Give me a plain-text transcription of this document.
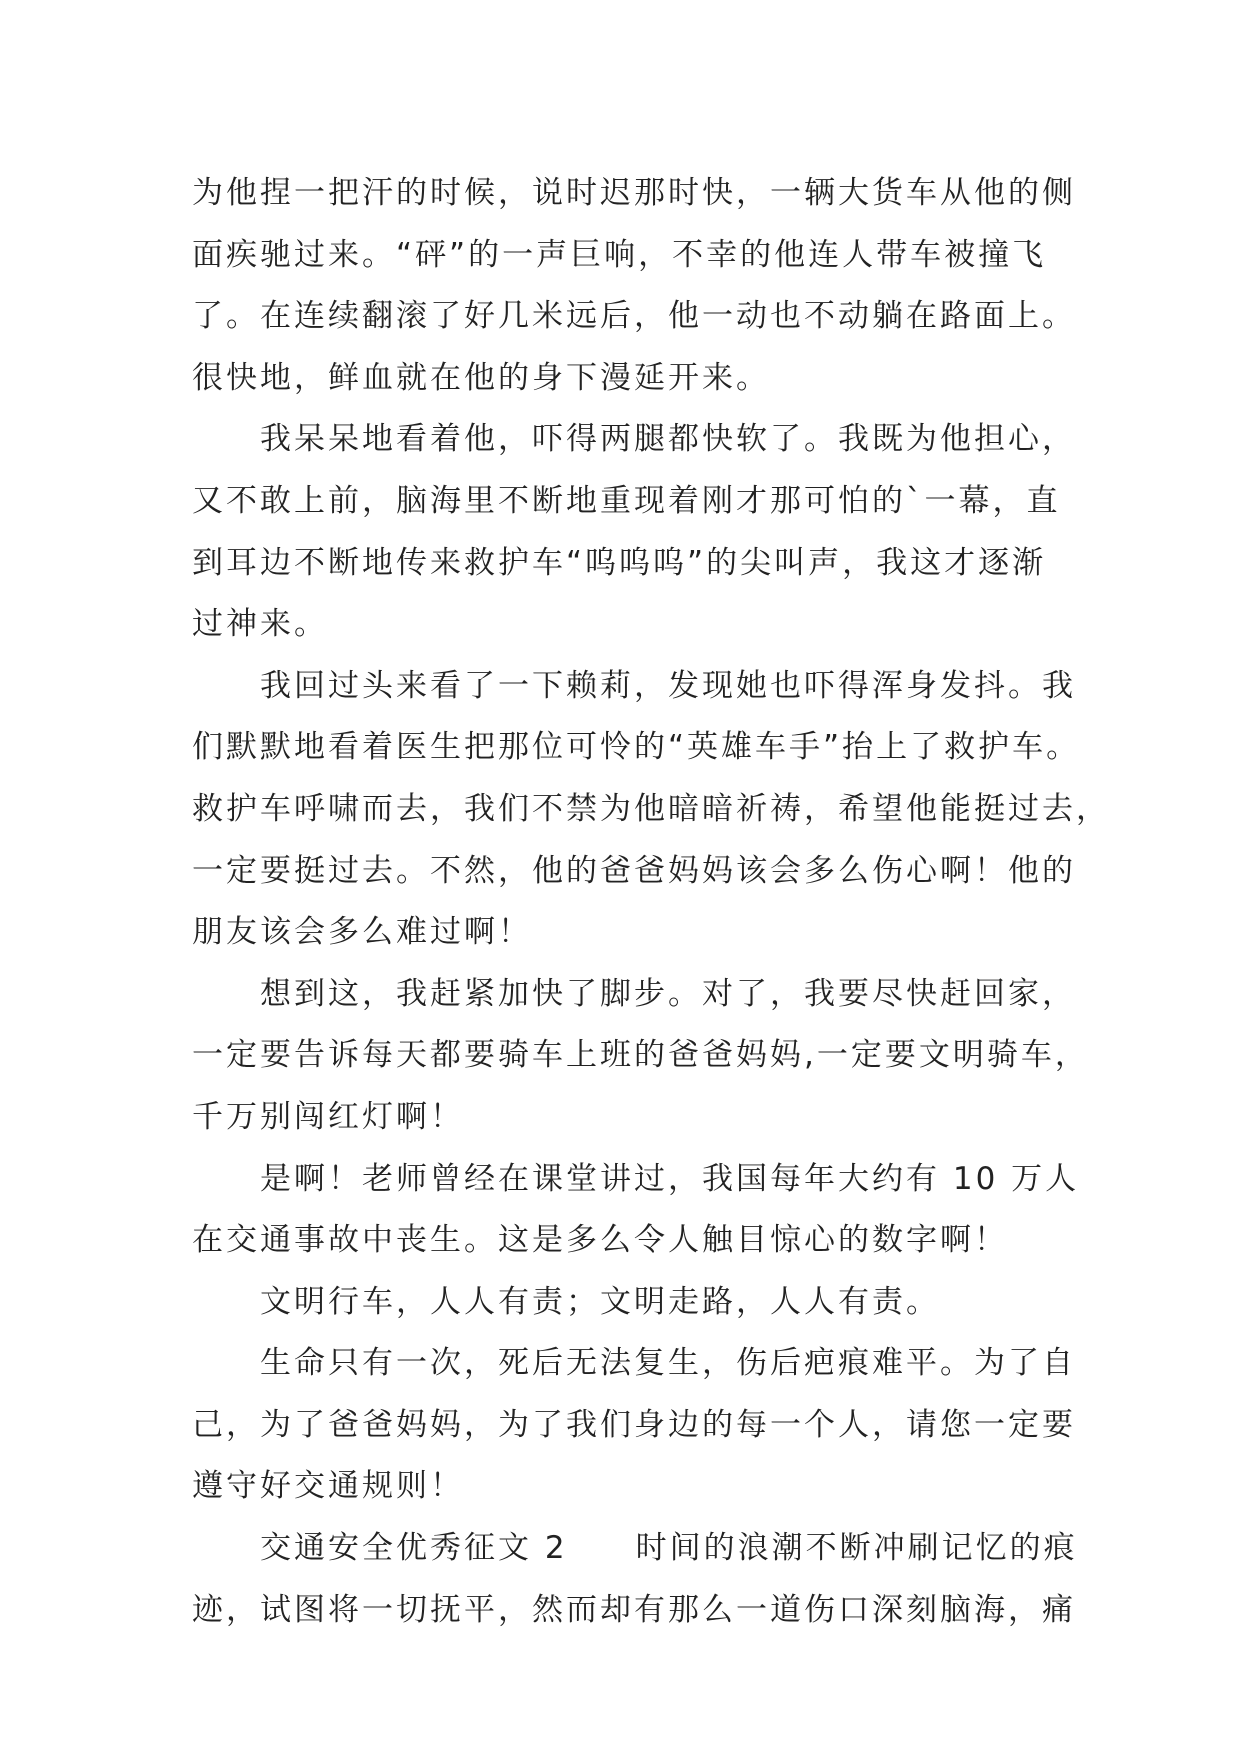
为他捏一把汗的时候，说时迟那时快，一辆大货车从他的侧
面疾驰过来。“砰”的一声巨响，不幸的他连人带车被撞飞
了。在连续翻滚了好几米远后，他一动也不动躺在路面上。
很快地，鲜血就在他的身下漫延开来。
我呆呆地看着他，吓得两腿都快软了。我既为他担心，
又不敢上前，脑海里不断地重现着刚才那可怕的`一幕，直
到耳边不断地传来救护车“呜呜呜”的尖叫声，我这才逐渐
过神来。
我回过头来看了一下赖莉，发现她也吓得浑身发抖。我
们默默地看着医生把那位可怜的“英雄车手”抬上了救护车。
救护车呼啸而去，我们不禁为他暗暗祈祷，希望他能挺过去，
一定要挺过去。不然，他的爸爸妈妈该会多么伤心啊！他的
朋友该会多么难过啊！
想到这，我赶紧加快了脚步。对了，我要尽快赶回家，
一定要告诉每天都要骑车上班的爸爸妈妈,一定要文明骑车，
千万别闯红灯啊！
是啊！老师曾经在课堂讲过，我国每年大约有 10 万人
在交通事故中丧生。这是多么令人触目惊心的数字啊！
文明行车，人人有责；文明走路，人人有责。
生命只有一次，死后无法复生，伤后疤痕难平。为了自
己，为了爸爸妈妈，为了我们身边的每一个人，请您一定要
遵守好交通规则！
交通安全优秀征文 2　　时间的浪潮不断冲刷记忆的痕
迹，试图将一切抚平，然而却有那么一道伤口深刻脑海，痛
